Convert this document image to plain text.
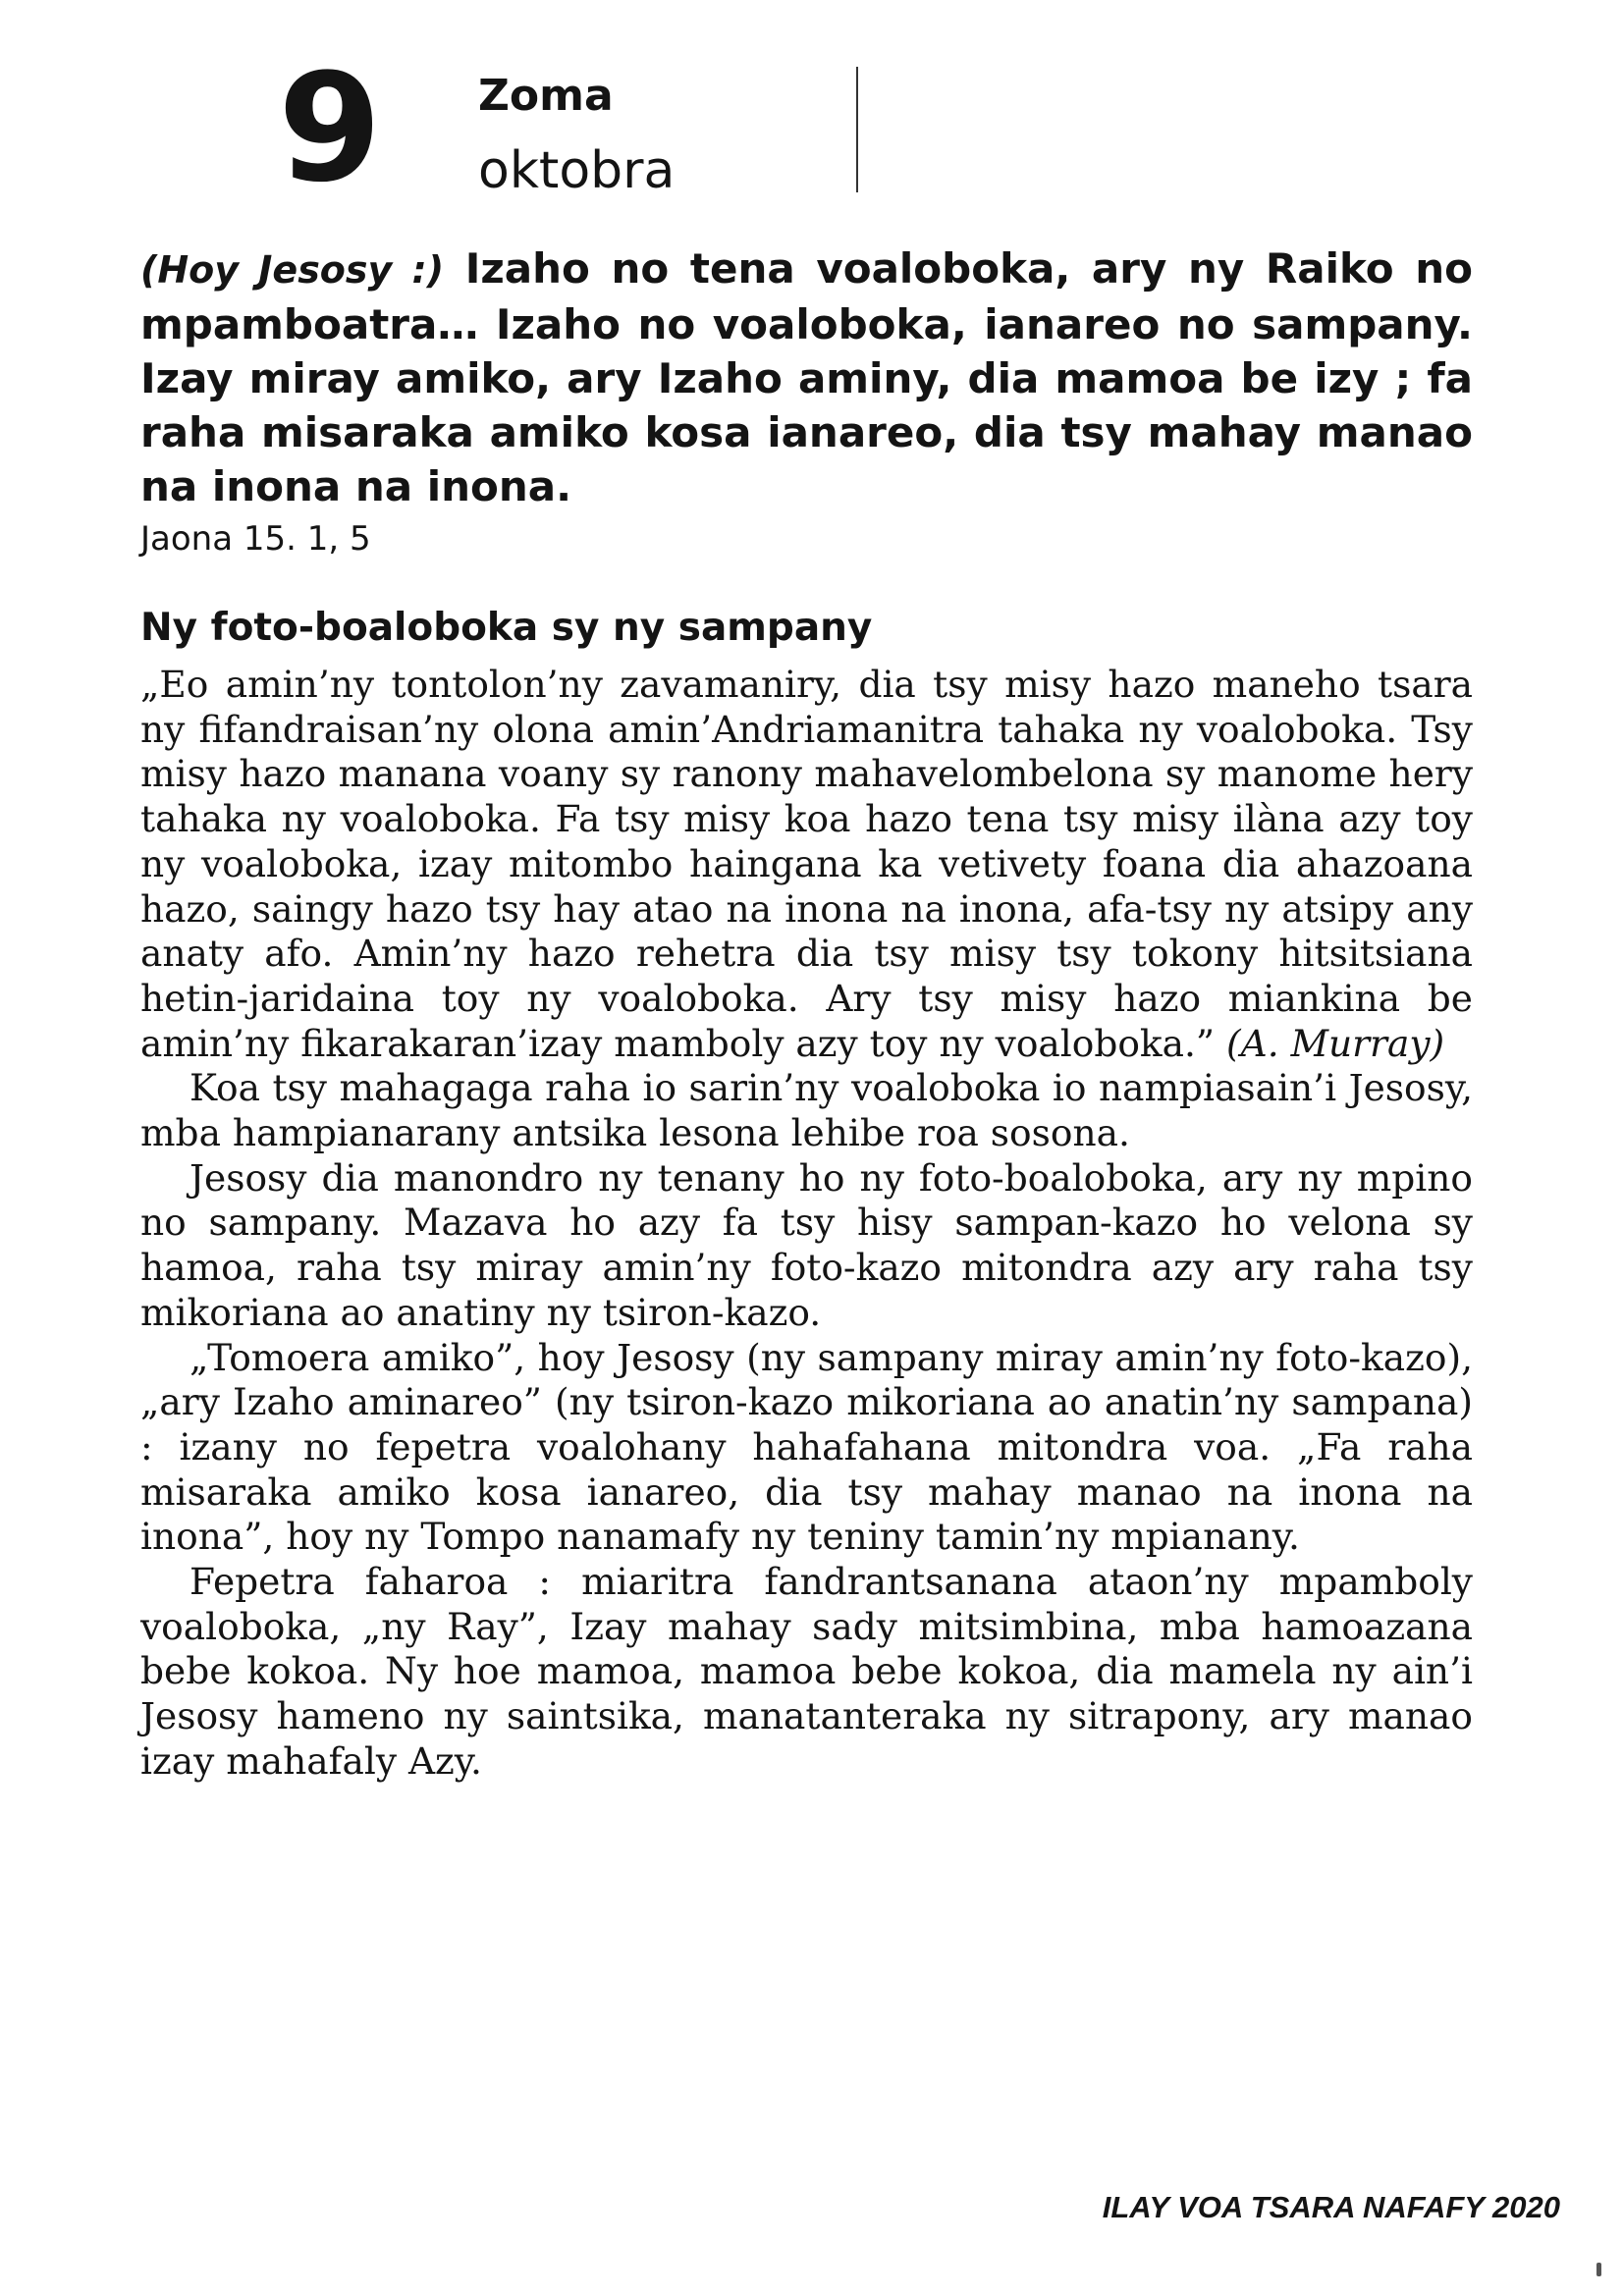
9 Zoma
oktobra

(Hoy Jesosy :) Izaho no tena voaloboka, ary ny Raiko no mpamboatra… Izaho no voaloboka, ianareo no sampany. Izay miray amiko, ary Izaho aminy, dia mamoa be izy ; fa raha misaraka amiko kosa ianareo, dia tsy mahay manao na inona na inona.

Jaona 15. 1, 5
Ny foto-boaloboka sy ny sampany

„Eo amin’ny tontolon’ny zavamaniry, dia tsy misy hazo maneho tsara ny fifandraisan’ny olona amin’Andriamanitra tahaka ny voaloboka. Tsy misy hazo manana voany sy ranony mahavelombelona sy manome hery tahaka ny voaloboka. Fa tsy misy koa hazo tena tsy misy ilàna azy toy ny voaloboka, izay mitombo haingana ka vetivety foana dia ahazoana hazo, saingy hazo tsy hay atao na inona na inona, afa-tsy ny atsipy any anaty afo. Amin’ny hazo rehetra dia tsy misy tsy tokony hitsitsiana hetin-jaridaina toy ny voaloboka. Ary tsy misy hazo miankina be amin’ny fikarakaran’izay mamboly azy toy ny voaloboka.” (A. Murray)

Koa tsy mahagaga raha io sarin’ny voaloboka io nampiasain’i Jesosy, mba hampianarany antsika lesona lehibe roa sosona.

Jesosy dia manondro ny tenany ho ny foto-boaloboka, ary ny mpino no sampany. Mazava ho azy fa tsy hisy sampan-kazo ho velona sy hamoa, raha tsy miray amin’ny foto-kazo mitondra azy ary raha tsy mikoriana ao anatiny ny tsiron-kazo.

„Tomoera amiko”, hoy Jesosy (ny sampany miray amin’ny foto-kazo), „ary Izaho aminareo” (ny tsiron-kazo mikoriana ao anatin’ny sampana) : izany no fepetra voalohany hahafahana mitondra voa. „Fa raha misaraka amiko kosa ianareo, dia tsy mahay manao na inona na inona”, hoy ny Tompo nanamafy ny teniny tamin’ny mpianany.

Fepetra faharoa : miaritra fandrantsanana ataon’ny mpamboly voaloboka, „ny Ray”, Izay mahay sady mitsimbina, mba hamoazana bebe kokoa. Ny hoe mamoa, mamoa bebe kokoa, dia mamela ny ain’i Jesosy hameno ny saintsika, manatanteraka ny sitrapony, ary manao izay mahafaly Azy.

ILAY VOA TSARA NAFAFY 2020
